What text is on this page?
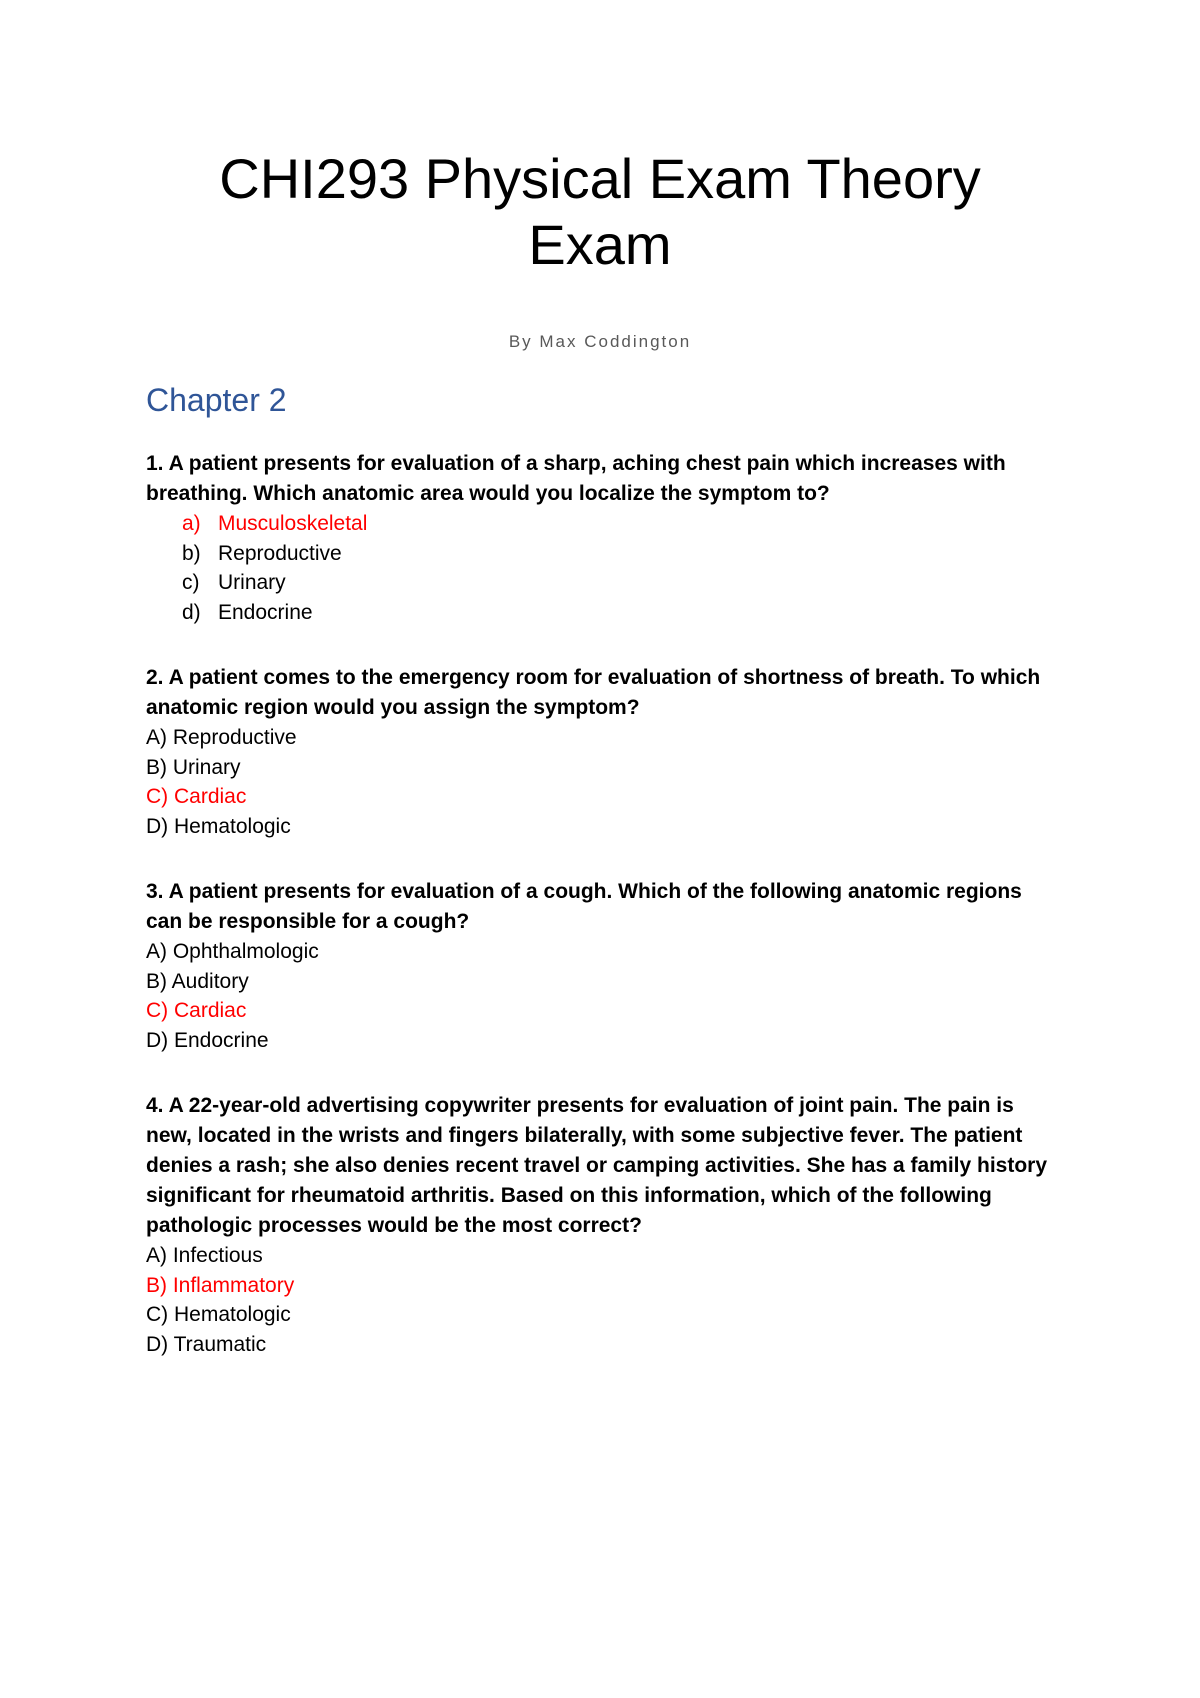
CHI293 Physical Exam Theory Exam
By Max Coddington
Chapter 2

1. A patient presents for evaluation of a sharp, aching chest pain which increases with breathing. Which anatomic area would you localize the symptom to?

a) Musculoskeletal
b) Reproductive
c) Urinary
d) Endocrine

2. A patient comes to the emergency room for evaluation of shortness of breath. To which anatomic region would you assign the symptom?

A) Reproductive
B) Urinary
C) Cardiac
D) Hematologic

3. A patient presents for evaluation of a cough. Which of the following anatomic regions can be responsible for a cough?

A) Ophthalmologic
B) Auditory
C) Cardiac
D) Endocrine

4. A 22-year-old advertising copywriter presents for evaluation of joint pain. The pain is new, located in the wrists and fingers bilaterally, with some subjective fever. The patient denies a rash; she also denies recent travel or camping activities. She has a family history significant for rheumatoid arthritis. Based on this information, which of the following pathologic processes would be the most correct?

A) Infectious
B) Inflammatory
C) Hematologic
D) Traumatic
